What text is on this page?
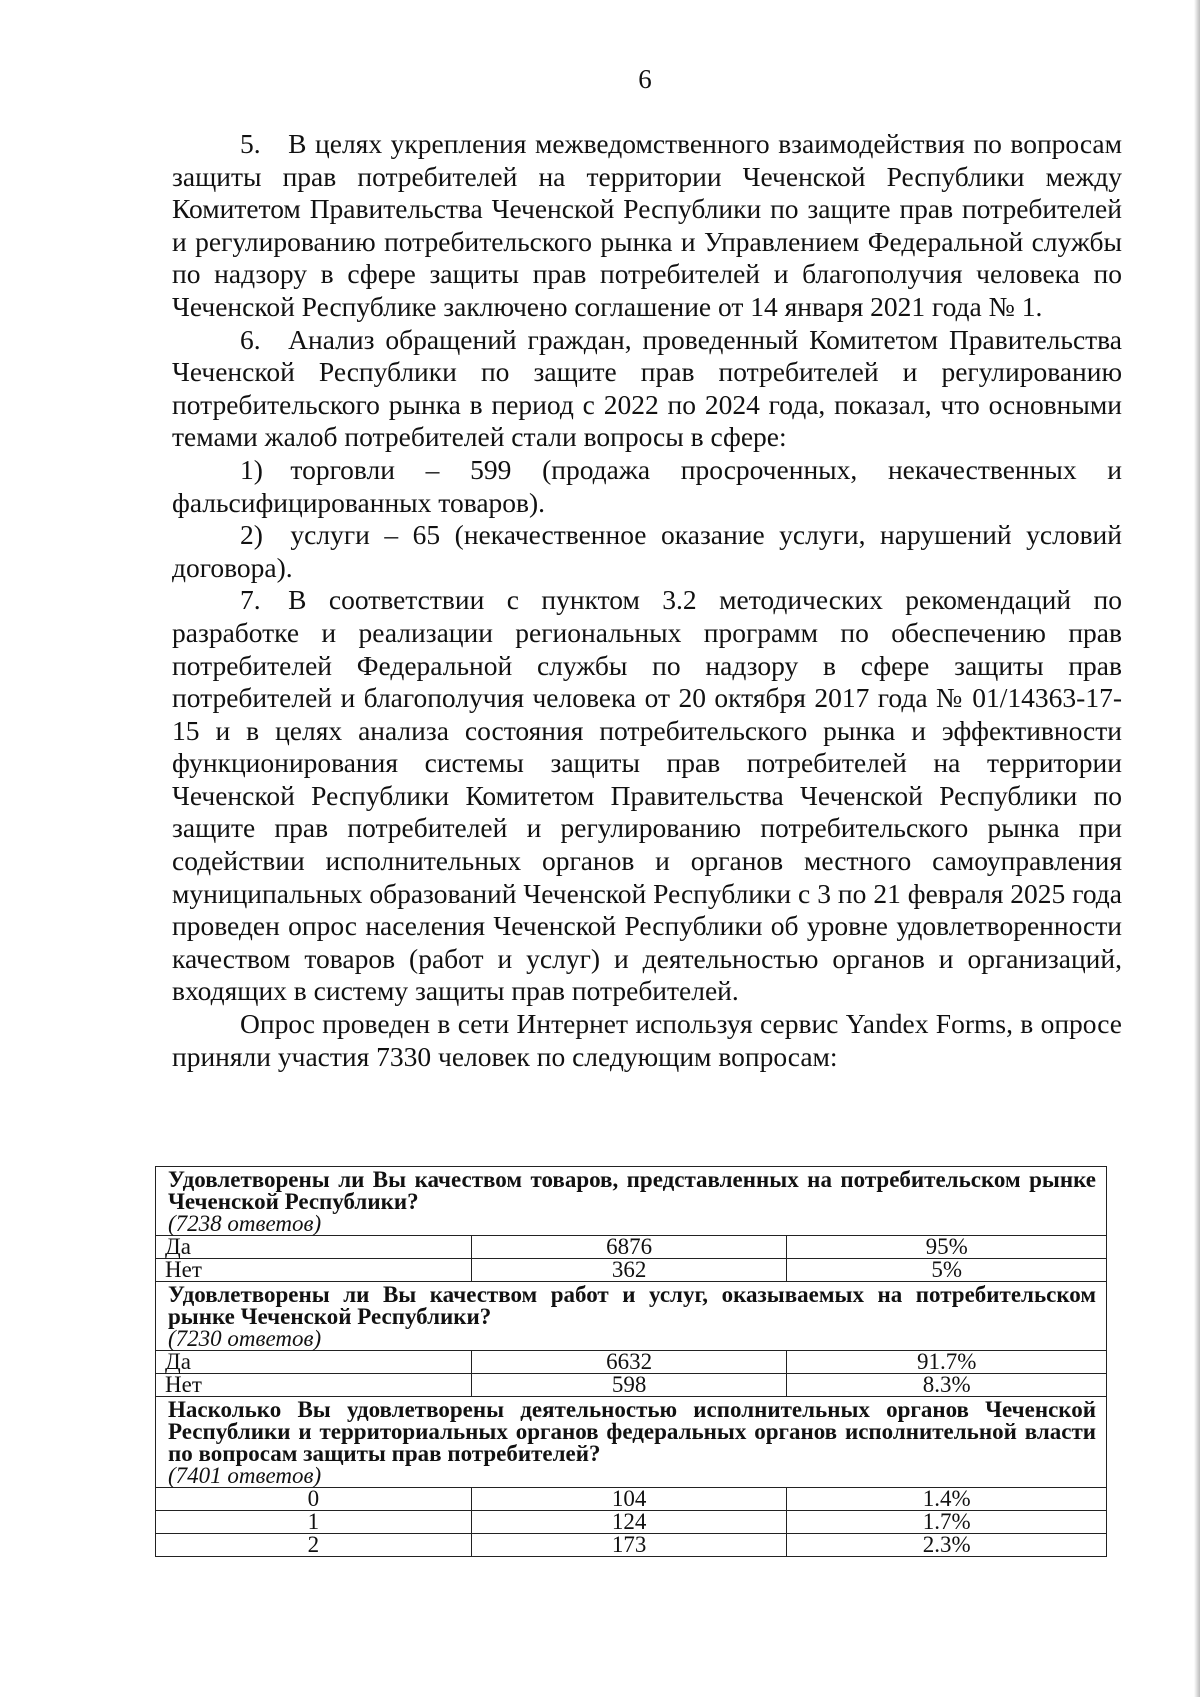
6

5. В целях укрепления межведомственного взаимодействия по вопросам защиты прав потребителей на территории Чеченской Республики между Комитетом Правительства Чеченской Республики по защите прав потребителей и регулированию потребительского рынка и Управлением Федеральной службы по надзору в сфере защиты прав потребителей и благополучия человека по Чеченской Республике заключено соглашение от 14 января 2021 года № 1.

6. Анализ обращений граждан, проведенный Комитетом Правительства Чеченской Республики по защите прав потребителей и регулированию потребительского рынка в период с 2022 по 2024 года, показал, что основными темами жалоб потребителей стали вопросы в сфере:

1) торговли – 599 (продажа просроченных, некачественных и фальсифицированных товаров).

2) услуги – 65 (некачественное оказание услуги, нарушений условий договора).

7. В соответствии с пунктом 3.2 методических рекомендаций по разработке и реализации региональных программ по обеспечению прав потребителей Федеральной службы по надзору в сфере защиты прав потребителей и благополучия человека от 20 октября 2017 года № 01/14363-17-15 и в целях анализа состояния потребительского рынка и эффективности функционирования системы защиты прав потребителей на территории Чеченской Республики Комитетом Правительства Чеченской Республики по защите прав потребителей и регулированию потребительского рынка при содействии исполнительных органов и органов местного самоуправления муниципальных образований Чеченской Республики с 3 по 21 февраля 2025 года проведен опрос населения Чеченской Республики об уровне удовлетворенности качеством товаров (работ и услуг) и деятельностью органов и организаций, входящих в систему защиты прав потребителей.

Опрос проведен в сети Интернет используя сервис Yandex Forms, в опросе приняли участия 7330 человек по следующим вопросам:

Удовлетворены ли Вы качеством товаров, представленных на потребительском рынке Чеченской Республики?
(7238 ответов)		

Да	6876	95%
Нет	362	5%

Удовлетворены ли Вы качеством работ и услуг, оказываемых на потребительском рынке Чеченской Республики?
(7230 ответов)		

Да	6632	91.7%
Нет	598	8.3%

Насколько Вы удовлетворены деятельностью исполнительных органов Чеченской Республики и территориальных органов федеральных органов исполнительной власти по вопросам защиты прав потребителей?
(7401 ответов)		

0	104	1.4%
1	124	1.7%
2	173	2.3%
